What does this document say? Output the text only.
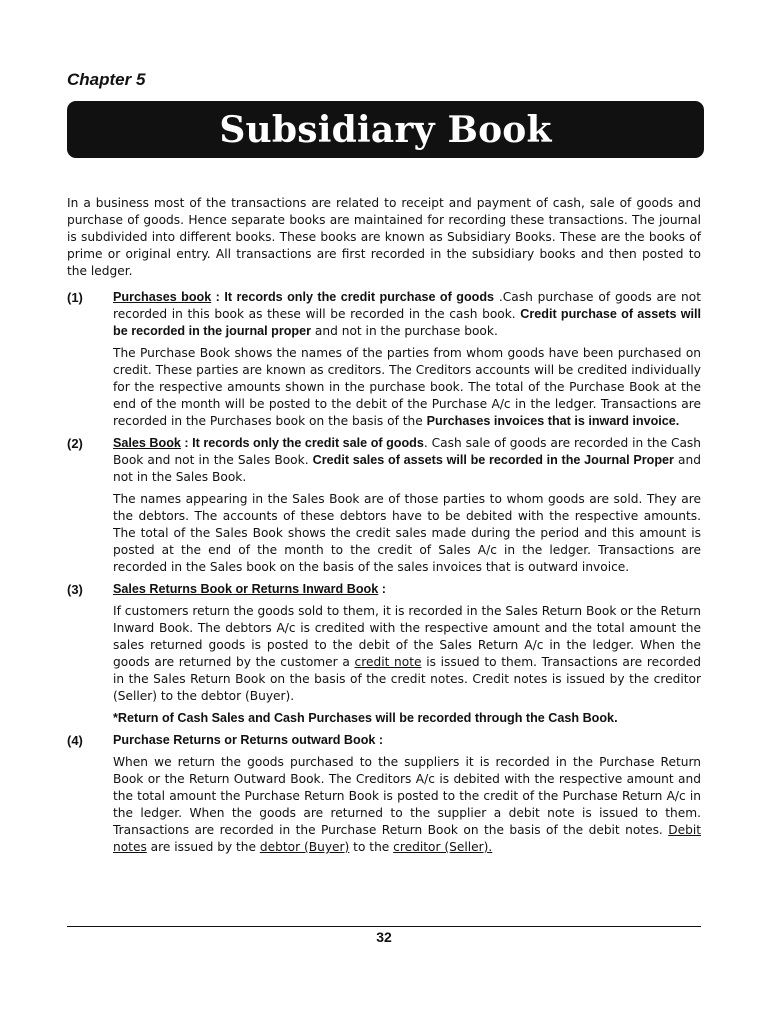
Chapter 5
Subsidiary Book

In a business most of the transactions are related to receipt and payment of cash, sale of goods and purchase of goods. Hence separate books are maintained for recording these transactions. The journal is subdivided into different books. These books are known as Subsidiary Books. These are the books of prime or original entry. All transactions are first recorded in the subsidiary books and then posted to the ledger.

(1)	Purchases book : It records only the credit purchase of goods .Cash purchase of goods are not recorded in this book as these will be recorded in the cash book. Credit purchase of assets will be recorded in the journal proper and not in the purchase book.

The Purchase Book shows the names of the parties from whom goods have been purchased on credit. These parties are known as creditors. The Creditors accounts will be credited individually for the respective amounts shown in the purchase book. The total of the Purchase Book at the end of the month will be posted to the debit of the Purchase A/c in the ledger. Transactions are recorded in the Purchases book on the basis of the Purchases invoices that is inward invoice.

(2)	Sales Book : It records only the credit sale of goods. Cash sale of goods are recorded in the Cash Book and not in the Sales Book. Credit sales of assets will be recorded in the Journal Proper and not in the Sales Book.

The names appearing in the Sales Book are of those parties to whom goods are sold. They are the debtors. The accounts of these debtors have to be debited with the respective amounts. The total of the Sales Book shows the credit sales made during the period and this amount is posted at the end of the month to the credit of Sales A/c in the ledger. Transactions are recorded in the Sales book on the basis of the sales invoices that is outward invoice.

(3)	Sales Returns Book or Returns Inward Book :

If customers return the goods sold to them, it is recorded in the Sales Return Book or the Return Inward Book. The debtors A/c is credited with the respective amount and the total amount the sales returned goods is posted to the debit of the Sales Return A/c in the ledger. When the goods are returned by the customer a credit note is issued to them. Transactions are recorded in the Sales Return Book on the basis of the credit notes. Credit notes is issued by the creditor (Seller) to the debtor (Buyer).

*Return of Cash Sales and Cash Purchases will be recorded through the Cash Book.

(4)	Purchase Returns or Returns outward Book :

When we return the goods purchased to the suppliers it is recorded in the Purchase Return Book or the Return Outward Book. The Creditors A/c is debited with the respective amount and the total amount the Purchase Return Book is posted to the credit of the Purchase Return A/c in the ledger. When the goods are returned to the supplier a debit note is issued to them. Transactions are recorded in the Purchase Return Book on the basis of the debit notes. Debit notes are issued by the debtor (Buyer) to the creditor (Seller).

32
